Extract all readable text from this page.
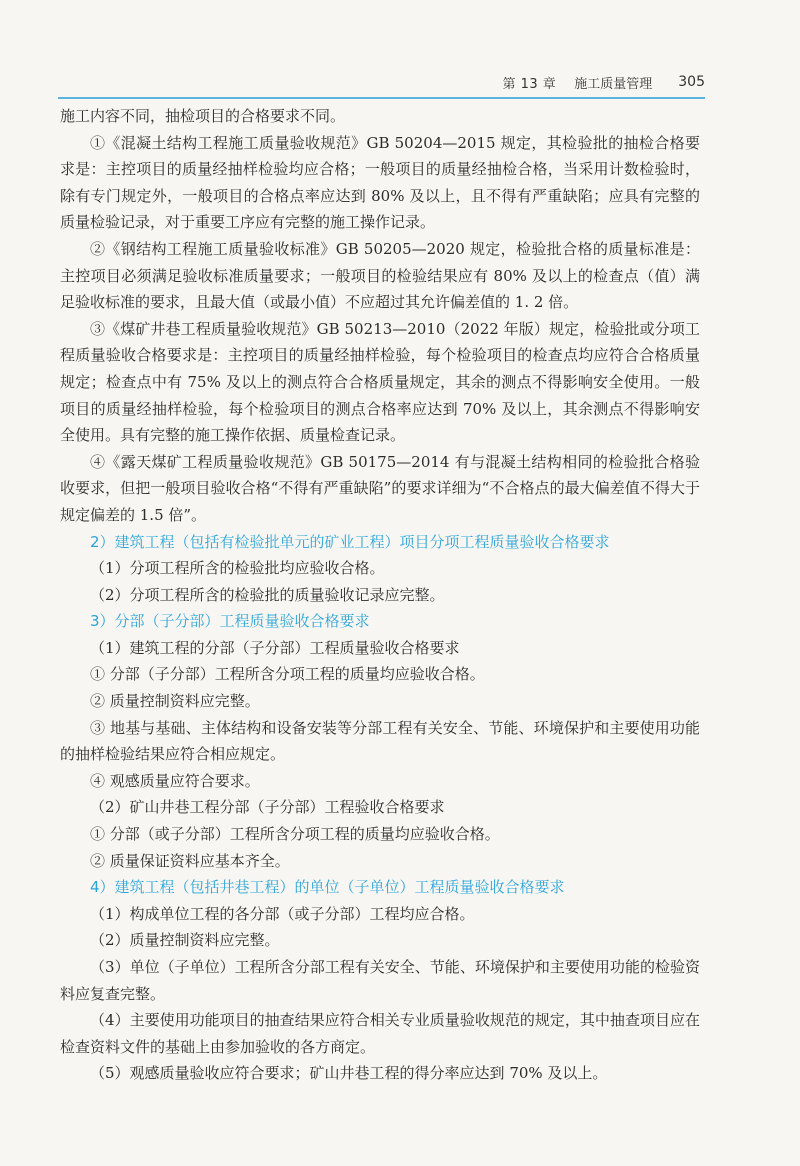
第 13 章 施工质量管理 305

施工内容不同，抽检项目的合格要求不同。

①《混凝土结构工程施工质量验收规范》GB 50204—2015 规定，其检验批的抽检合格要求是：主控项目的质量经抽样检验均应合格；一般项目的质量经抽检合格，当采用计数检验时，除有专门规定外，一般项目的合格点率应达到 80% 及以上，且不得有严重缺陷；应具有完整的质量检验记录，对于重要工序应有完整的施工操作记录。

②《钢结构工程施工质量验收标准》GB 50205—2020 规定，检验批合格的质量标准是：主控项目必须满足验收标准质量要求；一般项目的检验结果应有 80% 及以上的检查点（值）满足验收标准的要求，且最大值（或最小值）不应超过其允许偏差值的 1. 2 倍。

③《煤矿井巷工程质量验收规范》GB 50213—2010（2022 年版）规定，检验批或分项工程质量验收合格要求是：主控项目的质量经抽样检验，每个检验项目的检查点均应符合合格质量规定；检查点中有 75% 及以上的测点符合合格质量规定，其余的测点不得影响安全使用。一般项目的质量经抽样检验，每个检验项目的测点合格率应达到 70% 及以上，其余测点不得影响安全使用。具有完整的施工操作依据、质量检查记录。

④《露天煤矿工程质量验收规范》GB 50175—2014 有与混凝土结构相同的检验批合格验收要求，但把一般项目验收合格“不得有严重缺陷”的要求详细为“不合格点的最大偏差值不得大于规定偏差的 1.5 倍”。

2）建筑工程（包括有检验批单元的矿业工程）项目分项工程质量验收合格要求

（1）分项工程所含的检验批均应验收合格。

（2）分项工程所含的检验批的质量验收记录应完整。

3）分部（子分部）工程质量验收合格要求

（1）建筑工程的分部（子分部）工程质量验收合格要求

① 分部（子分部）工程所含分项工程的质量均应验收合格。

② 质量控制资料应完整。

③ 地基与基础、主体结构和设备安装等分部工程有关安全、节能、环境保护和主要使用功能的抽样检验结果应符合相应规定。

④ 观感质量应符合要求。

（2）矿山井巷工程分部（子分部）工程验收合格要求

① 分部（或子分部）工程所含分项工程的质量均应验收合格。

② 质量保证资料应基本齐全。

4）建筑工程（包括井巷工程）的单位（子单位）工程质量验收合格要求

（1）构成单位工程的各分部（或子分部）工程均应合格。

（2）质量控制资料应完整。

（3）单位（子单位）工程所含分部工程有关安全、节能、环境保护和主要使用功能的检验资料应复查完整。

（4）主要使用功能项目的抽查结果应符合相关专业质量验收规范的规定，其中抽查项目应在检查资料文件的基础上由参加验收的各方商定。

（5）观感质量验收应符合要求；矿山井巷工程的得分率应达到 70% 及以上。
